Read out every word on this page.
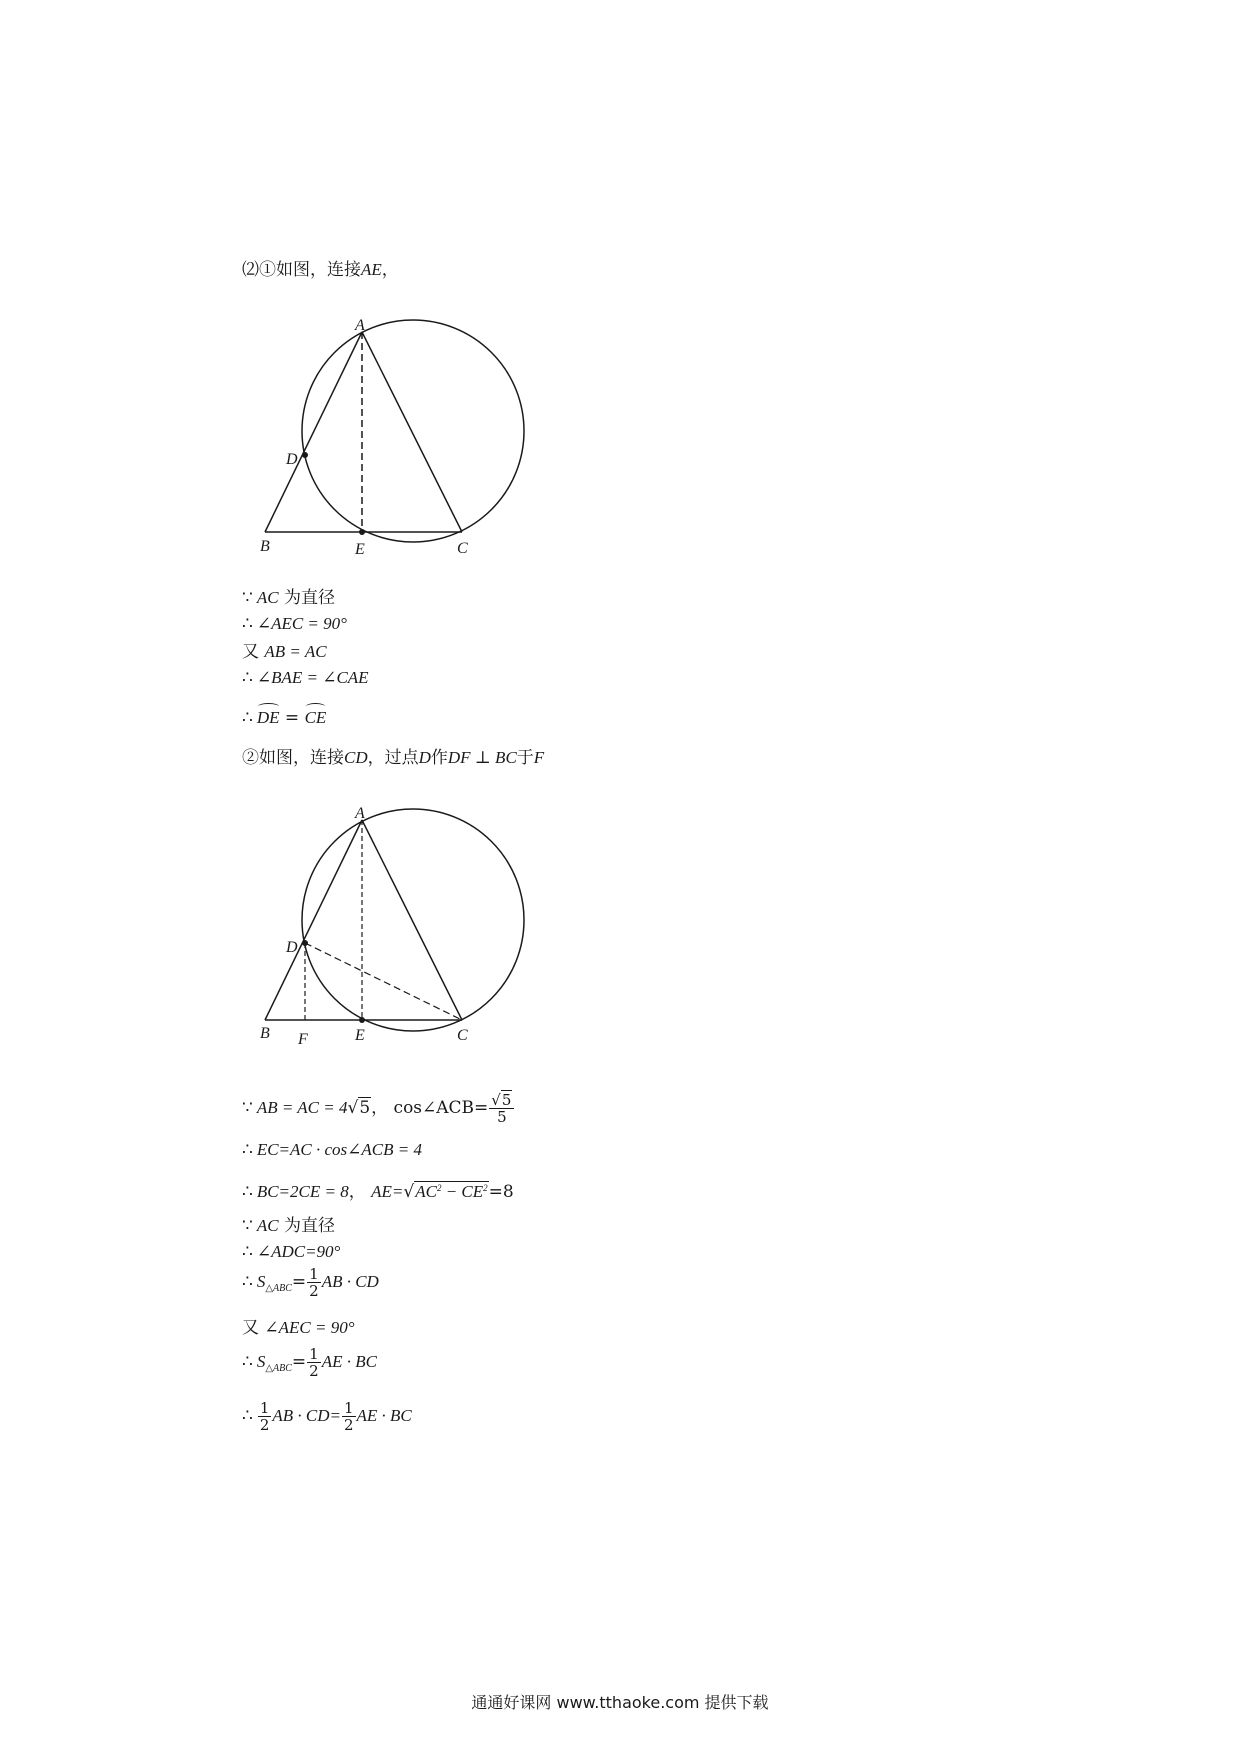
⑵①如图，连接AE，
A
D
B	E	C
∵ AC 为直径
∴ ∠AEC = 90°
又 AB = AC
∴ ∠BAE = ∠CAE
∴ DE = CE
②如图，连接CD，过点D作DF ⊥ BC于F
A
D
B F	E	C
∵ AB = AC = 4√5， cos∠ACB= $\frac{√5}{5}$
∴ EC=AC · cos∠ACB = 4
∴ BC=2CE = 8， $AE=√AC^2 - CE^2=8$
∵ AC 为直径
∴ ∠ADC=90°
∴ $S_{\triangle ABC}= \frac{1}{2}$ AB · CD
又 ∠AEC = 90°
∴ $S_{\triangle ABC}= \frac{1}{2}$ AE · BC
∴ $\frac{1}{2}$ AB · $CD= \frac{1}{2}$ AE · BC
通通好课网 www.tthaoke.com 提供下载
